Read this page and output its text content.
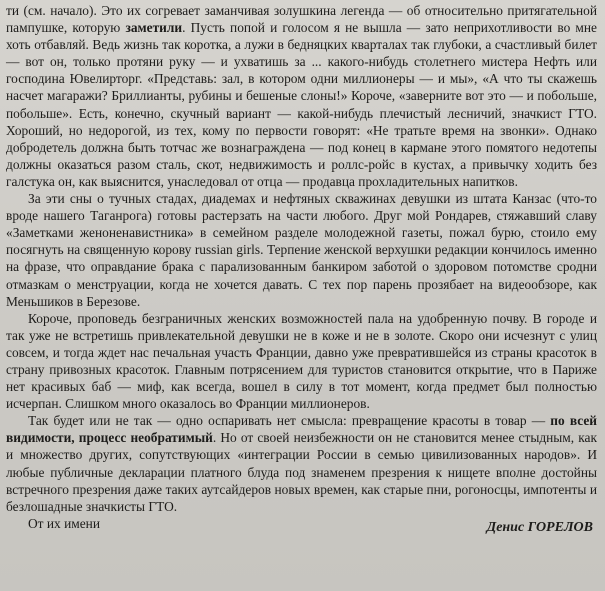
ти (см. начало). Это их согревает заманчивая золушкина легенда — об относительно притягательной пампушке, которую заметили. Пусть попой и голосом я не вышла — зато неприхотливости во мне хоть отбавляй. Ведь жизнь так коротка, а лужи в бедняцких кварталах так глубоки, а счастливый билет — вот он, только протяни руку — и ухватишь за ... какого-нибудь столетнего мистера Нефть или господина Ювелирторг. «Представь: зал, в котором одни миллионеры — и мы», «А что ты скажешь насчет магаражи? Бриллианты, рубины и бешеные слоны!» Короче, «заверните вот это — и побольше, побольше». Есть, конечно, скучный вариант — какой-нибудь плечистый лесничий, значкист ГТО. Хороший, но недорогой, из тех, кому по первости говорят: «Не тратьте время на звонки». Однако добродетель должна быть тотчас же вознаграждена — под конец в кармане этого помятого недотепы должны оказаться разом сталь, скот, недвижимость и роллс-ройс в кустах, а привычку ходить без галстука он, как выяснится, унаследовал от отца — продавца прохладительных напитков.

За эти сны о тучных стадах, диадемах и нефтяных скважинах девушки из штата Канзас (что-то вроде нашего Таганрога) готовы растерзать на части любого. Друг мой Рондарев, стяжавший славу «Заметками женоненавистника» в семейном разделе молодежной газеты, пожал бурю, стоило ему посягнуть на священную корову russian girls. Терпение женской верхушки редакции кончилось именно на фразе, что оправдание брака с парализованным банкиром заботой о здоровом потомстве сродни отмазкам о менструации, когда не хочется давать. С тех пор парень прозябает на видеообзоре, как Меньшиков в Березове.

Короче, проповедь безграничных женских возможностей пала на удобренную почву. В городе и так уже не встретишь привлекательной девушки не в коже и не в золоте. Скоро они исчезнут с улиц совсем, и тогда ждет нас печальная участь Франции, давно уже превратившейся из страны красоток в страну привозных красоток. Главным потрясением для туристов становится открытие, что в Париже нет красивых баб — миф, как всегда, вошел в силу в тот момент, когда предмет был полностью исчерпан. Слишком много оказалось во Франции миллионеров.

Так будет или не так — одно оспаривать нет смысла: превращение красоты в товар — по всей видимости, процесс необратимый. Но от своей неизбежности он не становится менее стыдным, как и множество других, сопутствующих «интеграции России в семью цивилизованных народов». И любые публичные декларации платного блуда под знаменем презрения к нищете вполне достойны встречного презрения даже таких аутсайдеров новых времен, как старые пни, рогоносцы, импотенты и безлошадные значкисты ГТО.

От их имени	Денис ГОРЕЛОВ
